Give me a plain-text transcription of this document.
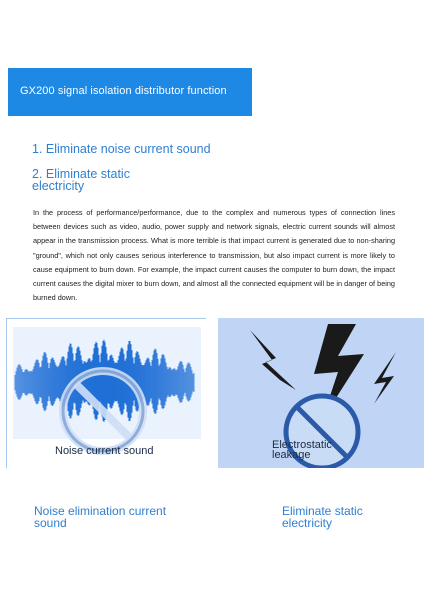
GX200 signal isolation distributor function
1. Eliminate noise current sound
2. Eliminate static electricity
In the process of performance/performance, due to the complex and numerous types of connection lines between devices such as video, audio, power supply and network signals, electric current sounds will almost appear in the transmission process. What is more terrible is that impact current is generated due to non-sharing "ground", which not only causes serious interference to transmission, but also impact current is more likely to cause equipment to burn down. For example, the impact current causes the computer to burn down, the impact current causes the digital mixer to burn down, and almost all the connected equipment will be in danger of being burned down.
Noise current sound	Electrostatic leakage
Noise elimination current sound
Eliminate static electricity
